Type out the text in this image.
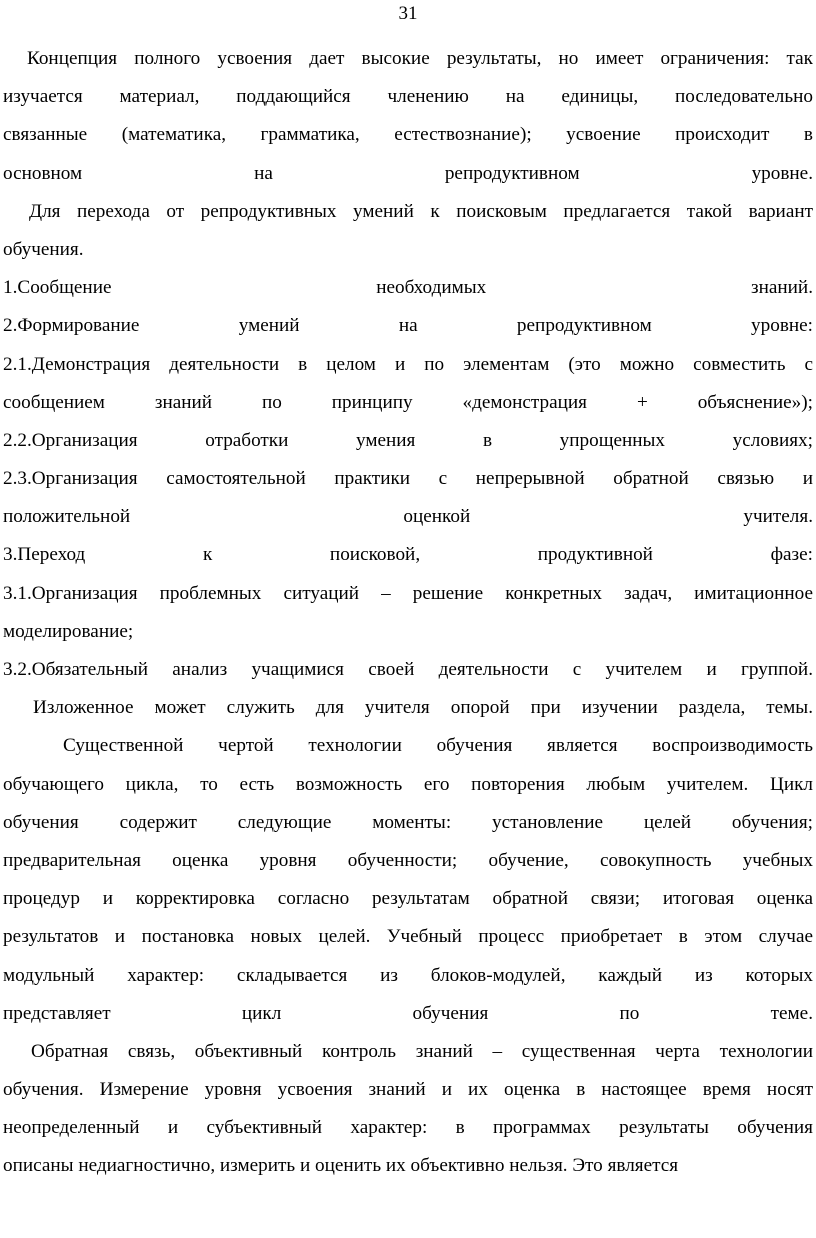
31
Концепция полного усвоения дает высокие результаты, но имеет ограничения: так
изучается материал, поддающийся членению на единицы, последовательно
связанные (математика, грамматика, естествознание); усвоение происходит в
основном на репродуктивном уровне.
Для перехода от репродуктивных умений к поисковым предлагается такой вариант
обучения.
1.Сообщение необходимых знаний.
2.Формирование умений на репродуктивном уровне:
2.1.Демонстрация деятельности в целом и по элементам (это можно совместить с
сообщением знаний по принципу «демонстрация + объяснение»);
2.2.Организация отработки умения в упрощенных условиях;
2.3.Организация самостоятельной практики с непрерывной обратной связью и
положительной оценкой учителя.
3.Переход к поисковой, продуктивной фазе:
3.1.Организация проблемных ситуаций – решение конкретных задач, имитационное
моделирование;
3.2.Обязательный анализ учащимися своей деятельности с учителем и группой.
Изложенное может служить для учителя опорой при изучении раздела, темы.
Существенной чертой технологии обучения является воспроизводимость
обучающего цикла, то есть возможность его повторения любым учителем. Цикл
обучения содержит следующие моменты: установление целей обучения;
предварительная оценка уровня обученности; обучение, совокупность учебных
процедур и корректировка согласно результатам обратной связи; итоговая оценка
результатов и постановка новых целей. Учебный процесс приобретает в этом случае
модульный характер: складывается из блоков-модулей, каждый из которых
представляет цикл обучения по теме.
Обратная связь, объективный контроль знаний – существенная черта технологии
обучения. Измерение уровня усвоения знаний и их оценка в настоящее время носят
неопределенный и субъективный характер: в программах результаты обучения
описаны недиагностично, измерить и оценить их объективно нельзя. Это является
